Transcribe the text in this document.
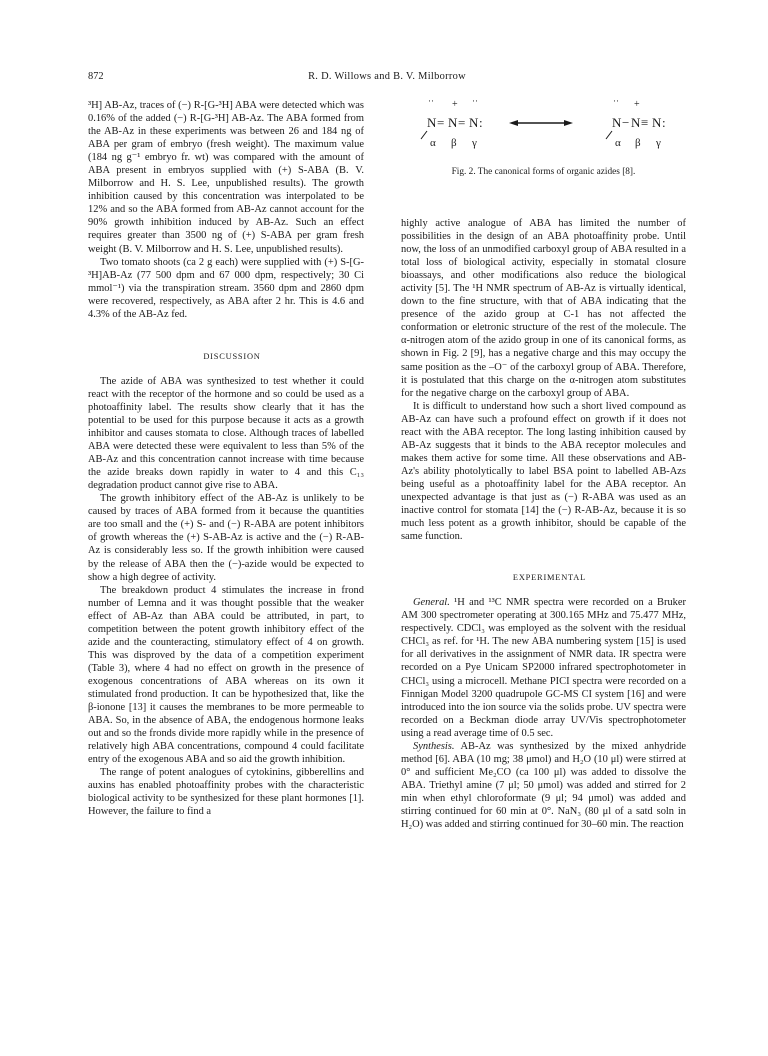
872	R. D. Willows and B. V. Milborrow

³H] AB-Az, traces of (−) R-[G-³H] ABA were detected which was 0.16% of the added (−) R-[G-³H] AB-Az. The ABA formed from the AB-Az in these experiments was between 26 and 184 ng of ABA per gram of embryo (fresh weight). The maximum value (184 ng g⁻¹ embryo fr. wt) was compared with the amount of ABA present in embryos supplied with (+) S-ABA (B. V. Milborrow and H. S. Lee, unpublished results). The growth inhibition caused by this concentration was interpolated to be 12% and so the ABA formed from AB-Az cannot account for the 90% growth inhibition induced by AB-Az. Such an effect requires greater than 3500 ng of (+) S-ABA per gram fresh weight (B. V. Milborrow and H. S. Lee, unpublished results).

Two tomato shoots (ca 2 g each) were supplied with (+) S-[G-³H]AB-Az (77 500 dpm and 67 000 dpm, respectively; 30 Ci mmol⁻¹) via the transpiration stream. 3560 dpm and 2860 dpm were recovered, respectively, as ABA after 2 hr. This is 4.6 and 4.3% of the AB-Az fed.

DISCUSSION

The azide of ABA was synthesized to test whether it could react with the receptor of the hormone and so could be used as a photoaffinity label. The results show clearly that it has the potential to be used for this purpose because it acts as a growth inhibitor and causes stomata to close. Although traces of labelled ABA were detected these were equivalent to less than 5% of the AB-Az and this concentration cannot increase with time because the azide breaks down rapidly in water to 4 and this C₁₃ degradation product cannot give rise to ABA.

The growth inhibitory effect of the AB-Az is unlikely to be caused by traces of ABA formed from it because the quantities are too small and the (+) S- and (−) R-ABA are potent inhibitors of growth whereas the (+) S-AB-Az is active and the (−) R-AB-Az is considerably less so. If the growth inhibition were caused by the release of ABA then the (−)-azide would be expected to show a high degree of activity.

The breakdown product 4 stimulates the increase in frond number of Lemna and it was thought possible that the weaker effect of AB-Az than ABA could be attributed, in part, to competition between the potent growth inhibitory effect of the azide and the counteracting, stimulatory effect of 4 on growth. This was disproved by the data of a competition experiment (Table 3), where 4 had no effect on growth in the presence of exogenous concentrations of ABA whereas on its own it stimulated frond production. It can be hypothesized that, like the β-ionone [13] it causes the membranes to be more permeable to ABA. So, in the absence of ABA, the endogenous hormone leaks out and so the fronds divide more rapidly while in the presence of relatively high ABA concentrations, compound 4 could facilitate entry of the exogenous ABA and so aid the growth inhibition.

The range of potent analogues of cytokinins, gibberellins and auxins has enabled photoaffinity probes with the characteristic biological activity to be synthesized for these plant hormones [1]. However, the failure to find a

·· + ··
N = N = N :
α β γ
·· +
N − N ≡ N :
α β γ
Fig. 2. The canonical forms of organic azides [8].

highly active analogue of ABA has limited the number of possibilities in the design of an ABA photoaffinity probe. Until now, the loss of an unmodified carboxyl group of ABA resulted in a total loss of biological activity, especially in stomatal closure bioassays, and other modifications also reduce the biological activity [5]. The ¹H NMR spectrum of AB-Az is virtually identical, down to the fine structure, with that of ABA indicating that the presence of the azido group at C-1 has not affected the conformation or eletronic structure of the rest of the molecule. The α-nitrogen atom of the azido group in one of its canonical forms, as shown in Fig. 2 [9], has a negative charge and this may occupy the same position as the –O⁻ of the carboxyl group of ABA. Therefore, it is postulated that this charge on the α-nitrogen atom substitutes for the negative charge on the carboxyl group of ABA.

It is difficult to understand how such a short lived compound as AB-Az can have such a profound effect on growth if it does not react with the ABA receptor. The long lasting inhibition caused by AB-Az suggests that it binds to the ABA receptor molecules and makes them active for some time. All these observations and AB-Az's ability photolytically to label BSA point to labelled AB-Azs being useful as a photoaffinity label for the ABA receptor. An unexpected advantage is that just as (−) R-ABA was used as an inactive control for stomata [14] the (−) R-AB-Az, because it is so much less potent as a growth inhibitor, should be capable of the same function.

EXPERIMENTAL

General. ¹H and ¹³C NMR spectra were recorded on a Bruker AM 300 spectrometer operating at 300.165 MHz and 75.477 MHz, respectively. CDCl₃ was employed as the solvent with the residual CHCl₃ as ref. for ¹H. The new ABA numbering system [15] is used for all derivatives in the assignment of NMR data. IR spectra were recorded on a Pye Unicam SP2000 infrared spectrophotometer in CHCl₃ using a microcell. Methane PICI spectra were recorded on a Finnigan Model 3200 quadrupole GC-MS CI system [16] and were introduced into the ion source via the solids probe. UV spectra were recorded on a Beckman diode array UV/Vis spectrophotometer using a read average time of 0.5 sec.

Synthesis. AB-Az was synthesized by the mixed anhydride method [6]. ABA (10 mg; 38 μmol) and H₂O (10 μl) were stirred at 0° and sufficient Me₂CO (ca 100 μl) was added to dissolve the ABA. Triethyl amine (7 μl; 50 μmol) was added and stirred for 2 min when ethyl chloroformate (9 μl; 94 μmol) was added and stirring continued for 60 min at 0°. NaN₃ (80 μl of a satd soln in H₂O) was added and stirring continued for 30–60 min. The reaction
